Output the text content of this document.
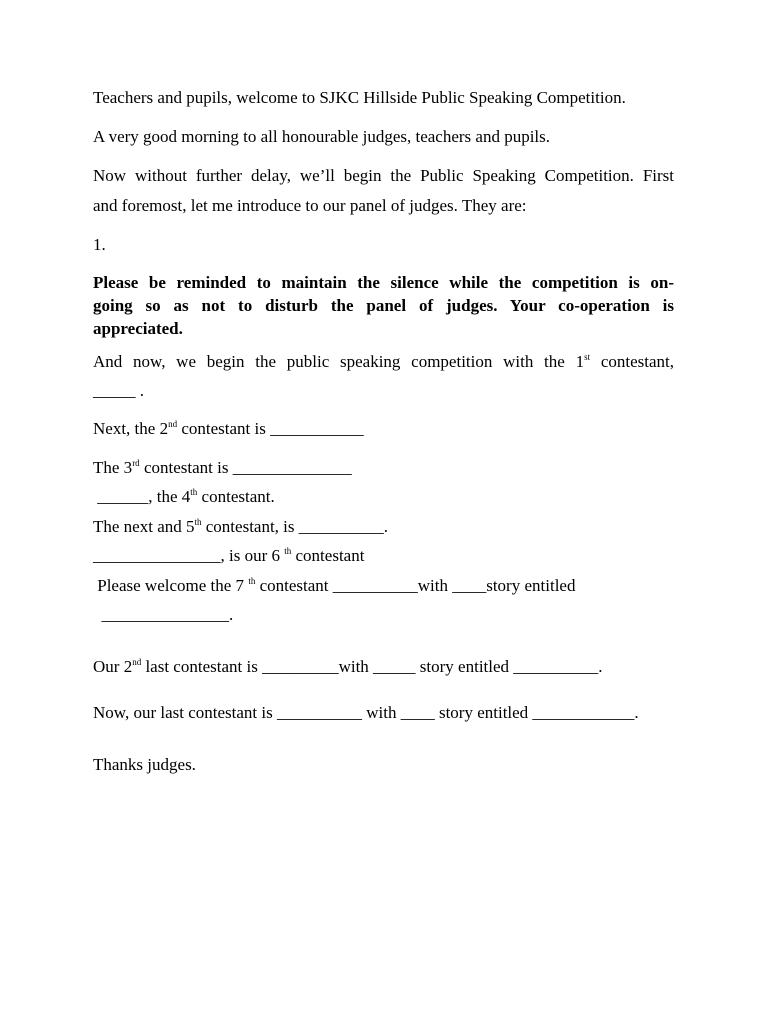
Teachers and pupils, welcome to SJKC Hillside Public Speaking Competition.
A very good morning to all honourable judges, teachers and pupils.
Now without further delay, we’ll begin the Public Speaking Competition. First
and foremost, let me introduce to our panel of judges. They are:
1.
Please be reminded to maintain the silence while the competition is on-
going so as not to disturb the panel of judges. Your co-operation is
appreciated.
And now, we begin the public speaking competition with the 1st contestant,
_____ .
Next, the 2nd contestant is ___________
The 3rd contestant is ______________
______, the 4th contestant.
The next and 5th contestant, is __________.
_______________, is our 6 $^{th}$ contestant
Please welcome the 7 $^{th}$ contestant __________with ____story entitled
_______________.
Our 2nd last contestant is _________with _____ story entitled __________.
Now, our last contestant is __________ with ____ story entitled ____________.
Thanks judges.
